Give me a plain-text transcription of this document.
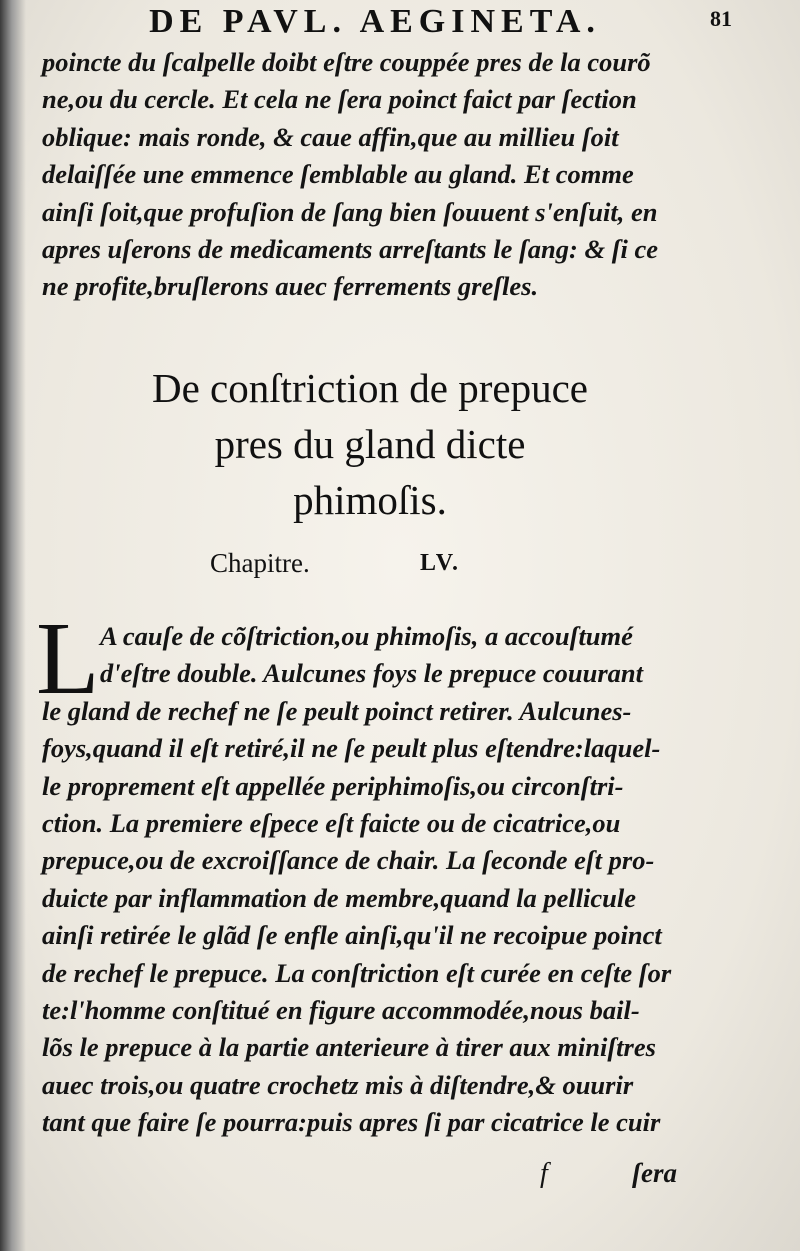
DE PAVL. AEGINETA.	81
poincte du ſcalpelle doibt eſtre couppée pres de la courõ
ne,ou du cercle. Et cela ne ſera poinct faict par ſection
oblique: mais ronde, & caue affin,que au millieu ſoit
delaiſſée une emmence ſemblable au gland. Et comme
ainſi ſoit,que profuſion de ſang bien ſouuent s'enſuit, en
apres uſerons de medicaments arreſtants le ſang: & ſi ce
ne profite,bruſlerons auec ferrements greſles.
De conſtriction de prepuce
pres du gland dicte
phimoſis.
Chapitre.	LV.
L A cauſe de cõſtriction,ou phimoſis, a accouſtumé
d'eſtre double. Aulcunes foys le prepuce couurant
le gland de rechef ne ſe peult poinct retirer. Aulcunes-
foys,quand il eſt retiré,il ne ſe peult plus eſtendre:laquel-
le proprement eſt appellée periphimoſis,ou circonſtri-
ction. La premiere eſpece eſt faicte ou de cicatrice,ou
prepuce,ou de excroiſſance de chair. La ſeconde eſt pro-
duicte par inflammation de membre,quand la pellicule
ainſi retirée le glãd ſe enfle ainſi,qu'il ne recoipue poinct
de rechef le prepuce. La conſtriction eſt curée en ceſte ſor
te:l'homme conſtitué en figure accommodée,nous bail-
lõs le prepuce à la partie anterieure à tirer aux miniſtres
auec trois,ou quatre crochetz mis à diſtendre,& ouurir
tant que faire ſe pourra:puis apres ſi par cicatrice le cuir
f	ſera
